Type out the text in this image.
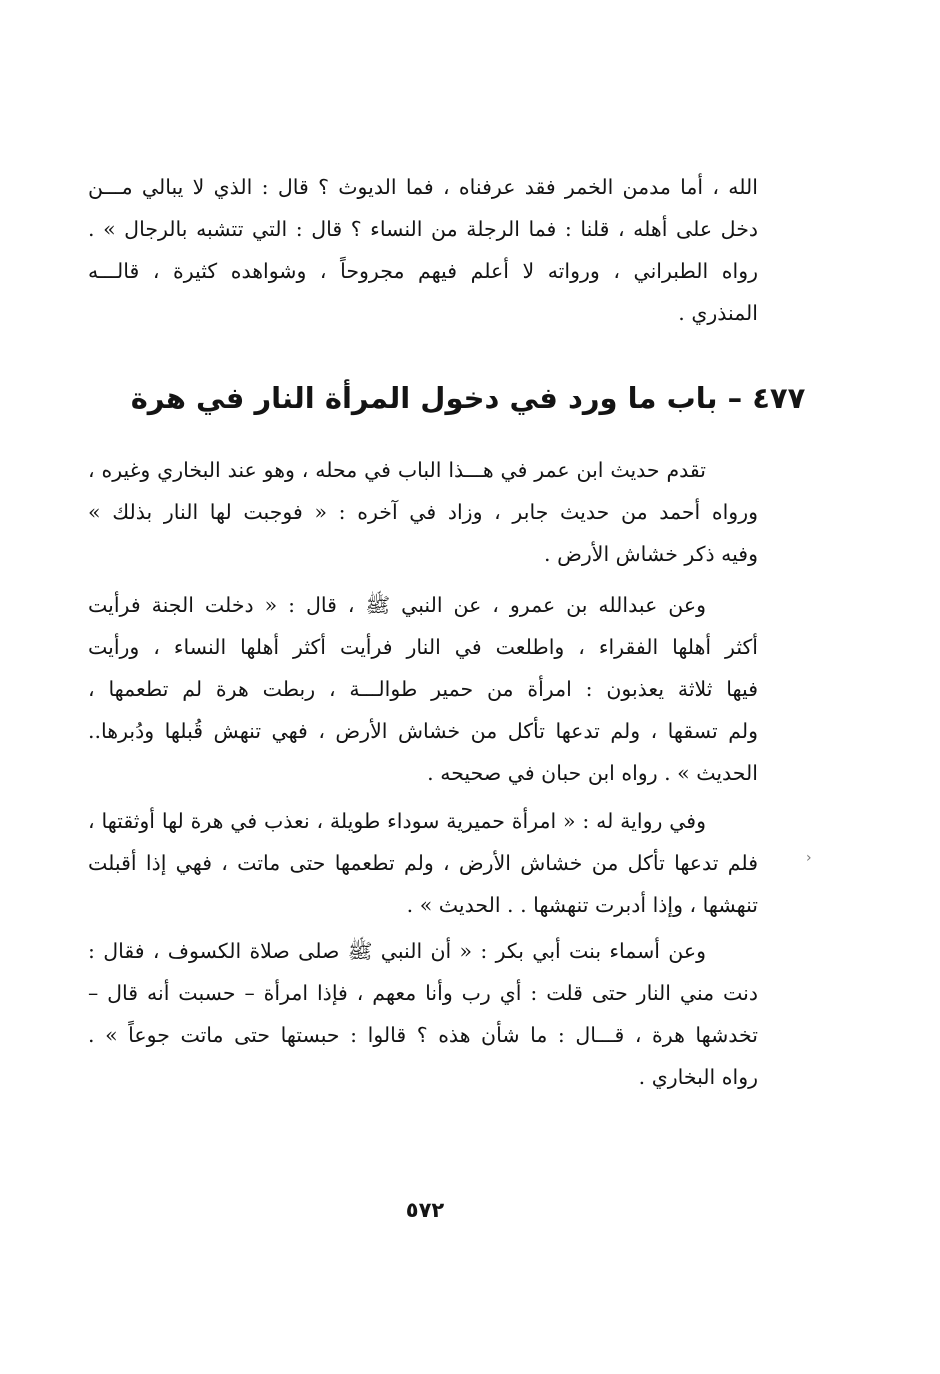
الله ، أما مدمن الخمر فقد عرفناه ، فما الديوث ؟ قال : الذي لا يبالي مـــن
دخل على أهله ، قلنا : فما الرجلة من النساء ؟ قال : التي تتشبه بالرجال » .
رواه الطبراني ، ورواته لا أعلم فيهم مجروحاً ، وشواهده كثيرة ، قالـــه
المنذري .
٤٧٧ – باب ما ورد في دخول المرأة النار في هرة
تقدم حديث ابن عمر في هـــذا الباب في محله ، وهو عند البخاري وغيره ،
ورواه أحمد من حديث جابر ، وزاد في آخره : « فوجبت لها النار بذلك »
وفيه ذكر خشاش الأرض .
وعن عبدالله بن عمرو ، عن النبي ﷺ ، قال : « دخلت الجنة فرأيت
أكثر أهلها الفقراء ، واطلعت في النار فرأيت أكثر أهلها النساء ، ورأيت
فيها ثلاثة يعذبون : امرأة من حمير طوالـــة ، ربطت هرة لم تطعمها ،
ولم تسقها ، ولم تدعها تأكل من خشاش الأرض ، فهي تنهش قُبلها ودُبرها..
الحديث » . رواه ابن حبان في صحيحه .
وفي رواية له : « امرأة حميرية سوداء طويلة ، نعذب في هرة لها أوثقتها ،
فلم تدعها تأكل من خشاش الأرض ، ولم تطعمها حتى ماتت ، فهي إذا أقبلت
تنهشها ، وإذا أدبرت تنهشها . . الحديث » .
وعن أسماء بنت أبي بكر : « أن النبي ﷺ صلى صلاة الكسوف ، فقال :
دنت مني النار حتى قلت : أي رب وأنا معهم ، فإذا امرأة – حسبت أنه قال –
تخدشها هرة ، قـــال : ما شأن هذه ؟ قالوا : حبستها حتى ماتت جوعاً » .
رواه البخاري .
›
٥٧٢
